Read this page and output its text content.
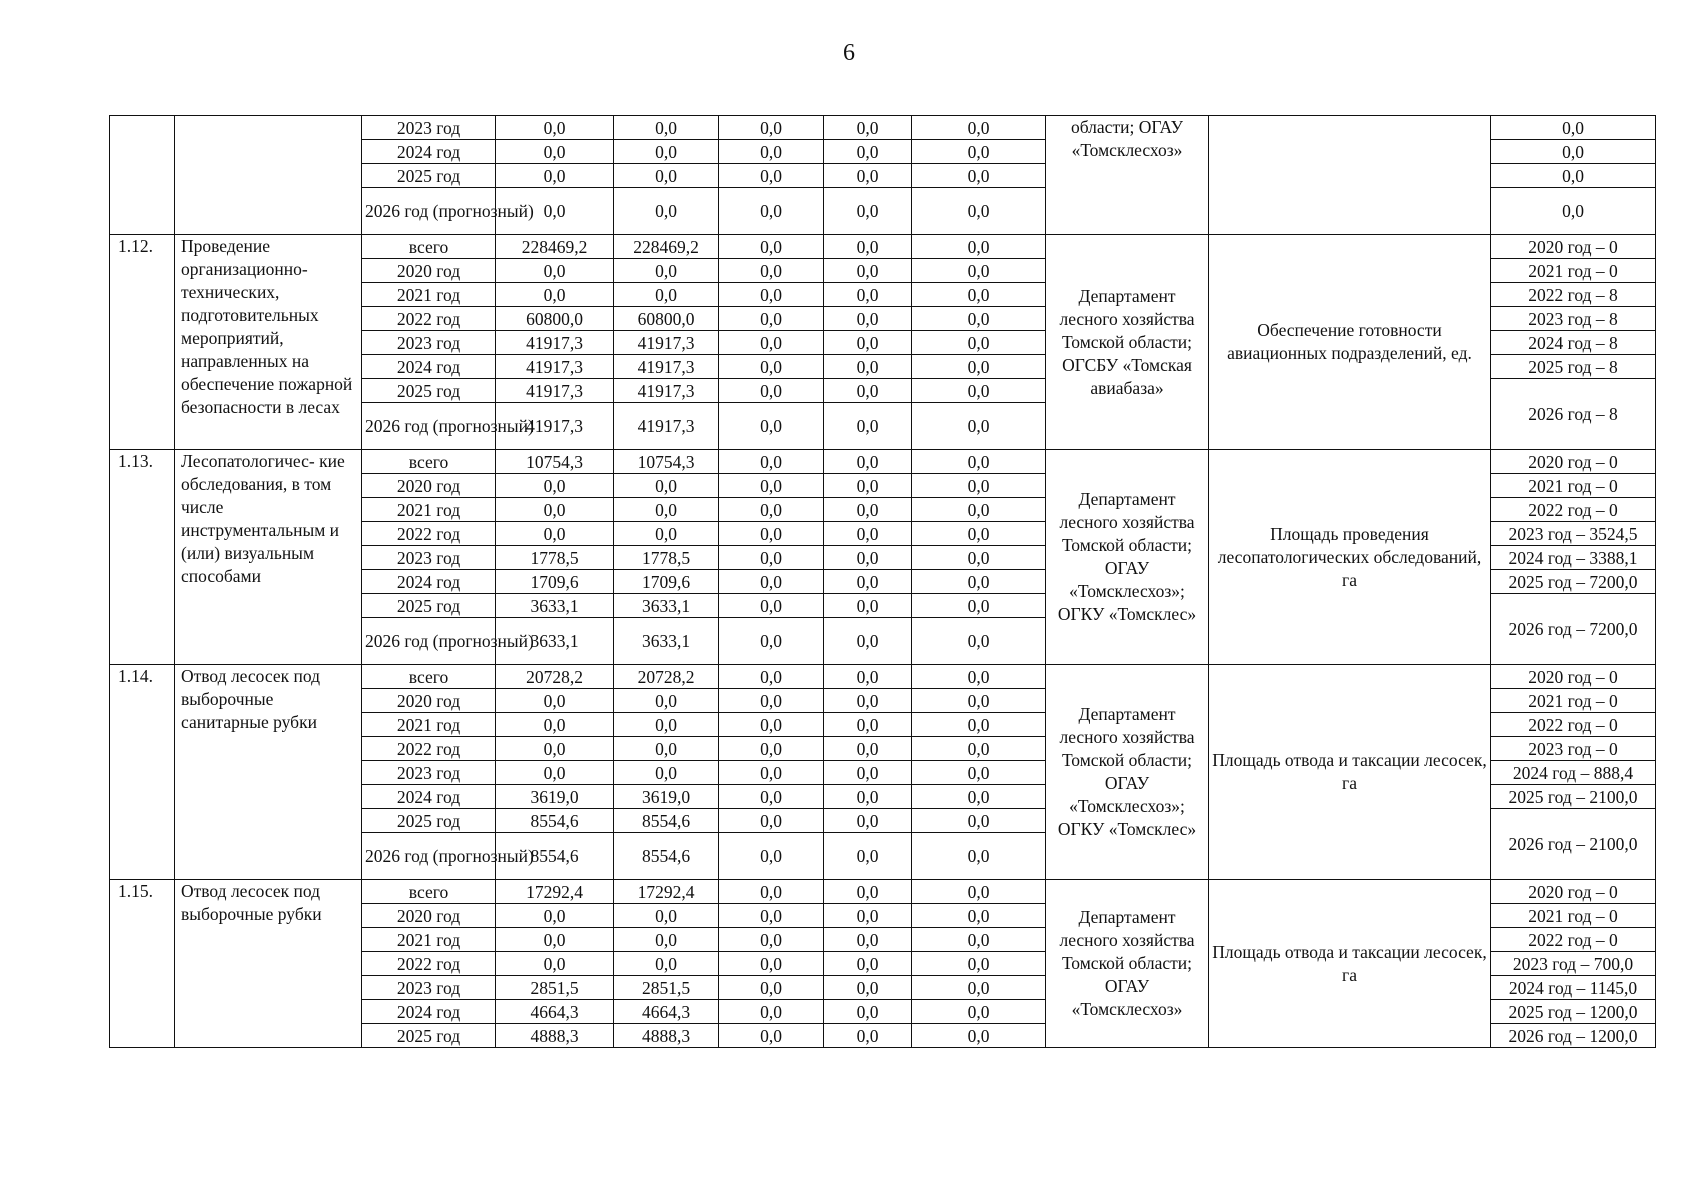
6
		2023 год	0,0	0,0	0,0	0,0	0,0	области; ОГАУ «Томсклесхоз»		0,0
		2024 год	0,0	0,0	0,0	0,0	0,0			0,0
		2025 год	0,0	0,0	0,0	0,0	0,0			0,0
		2026 год (прогнозный)	0,0	0,0	0,0	0,0	0,0			0,0
1.12.	Проведение организационно- технических, подготовительных мероприятий, направленных на обеспечение пожарной безопасности в лесах	всего	228469,2	228469,2	0,0	0,0	0,0	Департамент лесного хозяйства Томской области; ОГСБУ «Томская авиабаза»	Обеспечение готовности авиационных подразделений, ед.	2020 год – 0
		2020 год	0,0	0,0	0,0	0,0	0,0			2021 год – 0
		2021 год	0,0	0,0	0,0	0,0	0,0			2022 год – 8
		2022 год	60800,0	60800,0	0,0	0,0	0,0			2023 год – 8
		2023 год	41917,3	41917,3	0,0	0,0	0,0			2024 год – 8
		2024 год	41917,3	41917,3	0,0	0,0	0,0			2025 год – 8
		2025 год	41917,3	41917,3	0,0	0,0	0,0			2026 год – 8
		2026 год (прогнозный)	41917,3	41917,3	0,0	0,0	0,0			
1.13.	Лесопатологичес- кие обследования, в том числе инструментальным и (или) визуальным способами	всего	10754,3	10754,3	0,0	0,0	0,0	Департамент лесного хозяйства Томской области; ОГАУ «Томсклесхоз»; ОГКУ «Томсклес»	Площадь проведения лесопатологических обследований, га	2020 год – 0
		2020 год	0,0	0,0	0,0	0,0	0,0			2021 год – 0
		2021 год	0,0	0,0	0,0	0,0	0,0			2022 год – 0
		2022 год	0,0	0,0	0,0	0,0	0,0			2023 год – 3524,5
		2023 год	1778,5	1778,5	0,0	0,0	0,0			2024 год – 3388,1
		2024 год	1709,6	1709,6	0,0	0,0	0,0			2025 год – 7200,0
		2025 год	3633,1	3633,1	0,0	0,0	0,0			2026 год – 7200,0
		2026 год (прогнозный)	3633,1	3633,1	0,0	0,0	0,0			
1.14.	Отвод лесосек под выборочные санитарные рубки	всего	20728,2	20728,2	0,0	0,0	0,0	Департамент лесного хозяйства Томской области; ОГАУ «Томсклесхоз»; ОГКУ «Томсклес»	Площадь отвода и таксации лесосек, га	2020 год – 0
		2020 год	0,0	0,0	0,0	0,0	0,0			2021 год – 0
		2021 год	0,0	0,0	0,0	0,0	0,0			2022 год – 0
		2022 год	0,0	0,0	0,0	0,0	0,0			2023 год – 0
		2023 год	0,0	0,0	0,0	0,0	0,0			2024 год – 888,4
		2024 год	3619,0	3619,0	0,0	0,0	0,0			2025 год – 2100,0
		2025 год	8554,6	8554,6	0,0	0,0	0,0			2026 год – 2100,0
		2026 год (прогнозный)	8554,6	8554,6	0,0	0,0	0,0			
1.15.	Отвод лесосек под выборочные рубки	всего	17292,4	17292,4	0,0	0,0	0,0	Департамент лесного хозяйства Томской области; ОГАУ «Томсклесхоз»	Площадь отвода и таксации лесосек, га	2020 год – 0
		2020 год	0,0	0,0	0,0	0,0	0,0			2021 год – 0
		2021 год	0,0	0,0	0,0	0,0	0,0			2022 год – 0
		2022 год	0,0	0,0	0,0	0,0	0,0			2023 год – 700,0
		2023 год	2851,5	2851,5	0,0	0,0	0,0			2024 год – 1145,0
		2024 год	4664,3	4664,3	0,0	0,0	0,0			2025 год – 1200,0
		2025 год	4888,3	4888,3	0,0	0,0	0,0			2026 год – 1200,0
